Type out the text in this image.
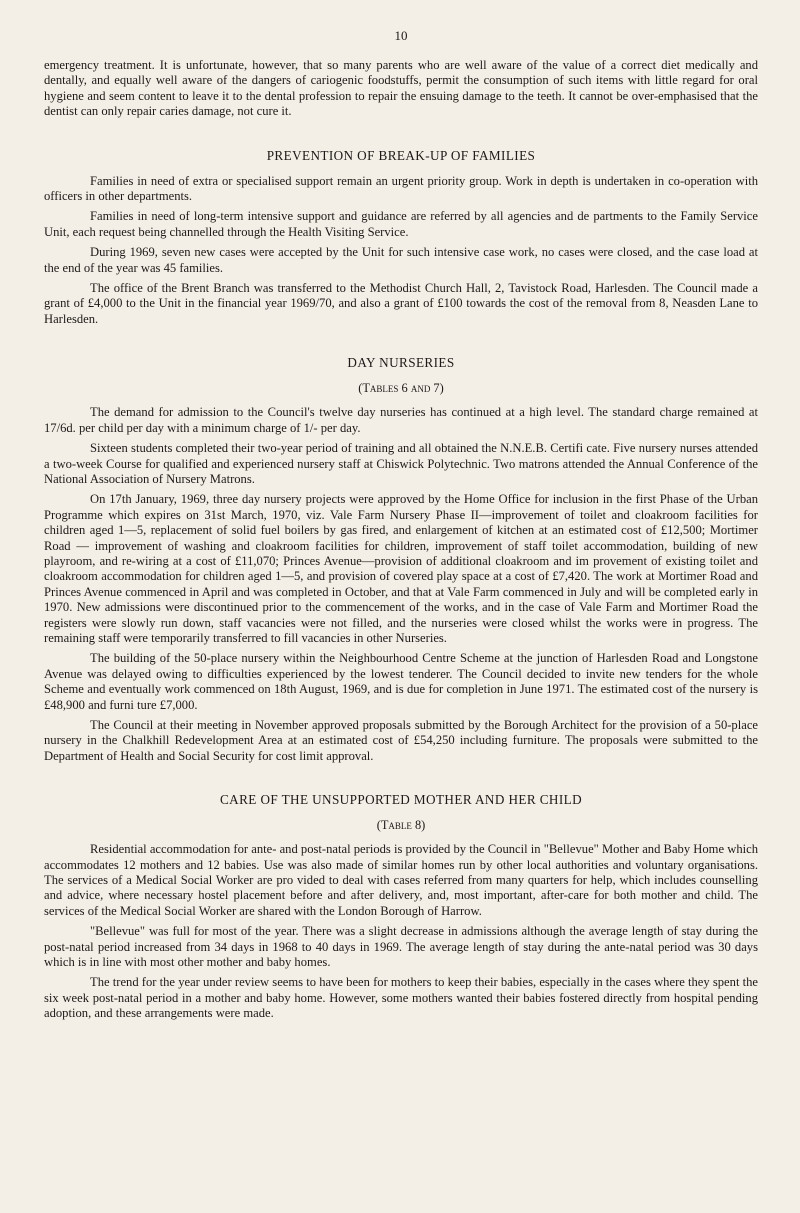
10

emergency treatment. It is unfortunate, however, that so many parents who are well aware of the value of a correct diet medically and dentally, and equally well aware of the dangers of cariogenic foodstuffs, permit the consumption of such items with little regard for oral hygiene and seem content to leave it to the dental profession to repair the ensuing damage to the teeth. It cannot be over-emphasised that the dentist can only repair caries damage, not cure it.

PREVENTION OF BREAK-UP OF FAMILIES

Families in need of extra or specialised support remain an urgent priority group. Work in depth is undertaken in co-operation with officers in other departments.

Families in need of long-term intensive support and guidance are referred by all agencies and de partments to the Family Service Unit, each request being channelled through the Health Visiting Service.

During 1969, seven new cases were accepted by the Unit for such intensive case work, no cases were closed, and the case load at the end of the year was 45 families.

The office of the Brent Branch was transferred to the Methodist Church Hall, 2, Tavistock Road, Harlesden. The Council made a grant of £4,000 to the Unit in the financial year 1969/70, and also a grant of £100 towards the cost of the removal from 8, Neasden Lane to Harlesden.

DAY NURSERIES
(Tables 6 and 7)

The demand for admission to the Council's twelve day nurseries has continued at a high level. The standard charge remained at 17/6d. per child per day with a minimum charge of 1/- per day.

Sixteen students completed their two-year period of training and all obtained the N.N.E.B. Certifi cate. Five nursery nurses attended a two-week Course for qualified and experienced nursery staff at Chiswick Polytechnic. Two matrons attended the Annual Conference of the National Association of Nursery Matrons.

On 17th January, 1969, three day nursery projects were approved by the Home Office for inclusion in the first Phase of the Urban Programme which expires on 31st March, 1970, viz. Vale Farm Nursery Phase II—improvement of toilet and cloakroom facilities for children aged 1—5, replacement of solid fuel boilers by gas fired, and enlargement of kitchen at an estimated cost of £12,500; Mortimer Road — improvement of washing and cloakroom facilities for children, improvement of staff toilet accommodation, building of new playroom, and re-wiring at a cost of £11,070; Princes Avenue—provision of additional cloakroom and im provement of existing toilet and cloakroom accommodation for children aged 1—5, and provision of covered play space at a cost of £7,420. The work at Mortimer Road and Princes Avenue commenced in April and was completed in October, and that at Vale Farm commenced in July and will be completed early in 1970. New admissions were discontinued prior to the commencement of the works, and in the case of Vale Farm and Mortimer Road the registers were slowly run down, staff vacancies were not filled, and the nurseries were closed whilst the works were in progress. The remaining staff were temporarily transferred to fill vacancies in other Nurseries.

The building of the 50-place nursery within the Neighbourhood Centre Scheme at the junction of Harlesden Road and Longstone Avenue was delayed owing to difficulties experienced by the lowest tenderer. The Council decided to invite new tenders for the whole Scheme and eventually work commenced on 18th August, 1969, and is due for completion in June 1971. The estimated cost of the nursery is £48,900 and furni ture £7,000.

The Council at their meeting in November approved proposals submitted by the Borough Architect for the provision of a 50-place nursery in the Chalkhill Redevelopment Area at an estimated cost of £54,250 including furniture. The proposals were submitted to the Department of Health and Social Security for cost limit approval.

CARE OF THE UNSUPPORTED MOTHER AND HER CHILD
(Table 8)

Residential accommodation for ante- and post-natal periods is provided by the Council in "Bellevue" Mother and Baby Home which accommodates 12 mothers and 12 babies. Use was also made of similar homes run by other local authorities and voluntary organisations. The services of a Medical Social Worker are pro vided to deal with cases referred from many quarters for help, which includes counselling and advice, where necessary hostel placement before and after delivery, and, most important, after-care for both mother and child. The services of the Medical Social Worker are shared with the London Borough of Harrow.

"Bellevue" was full for most of the year. There was a slight decrease in admissions although the average length of stay during the post-natal period increased from 34 days in 1968 to 40 days in 1969. The average length of stay during the ante-natal period was 30 days which is in line with most other mother and baby homes.

The trend for the year under review seems to have been for mothers to keep their babies, especially in the cases where they spent the six week post-natal period in a mother and baby home. However, some mothers wanted their babies fostered directly from hospital pending adoption, and these arrangements were made.
